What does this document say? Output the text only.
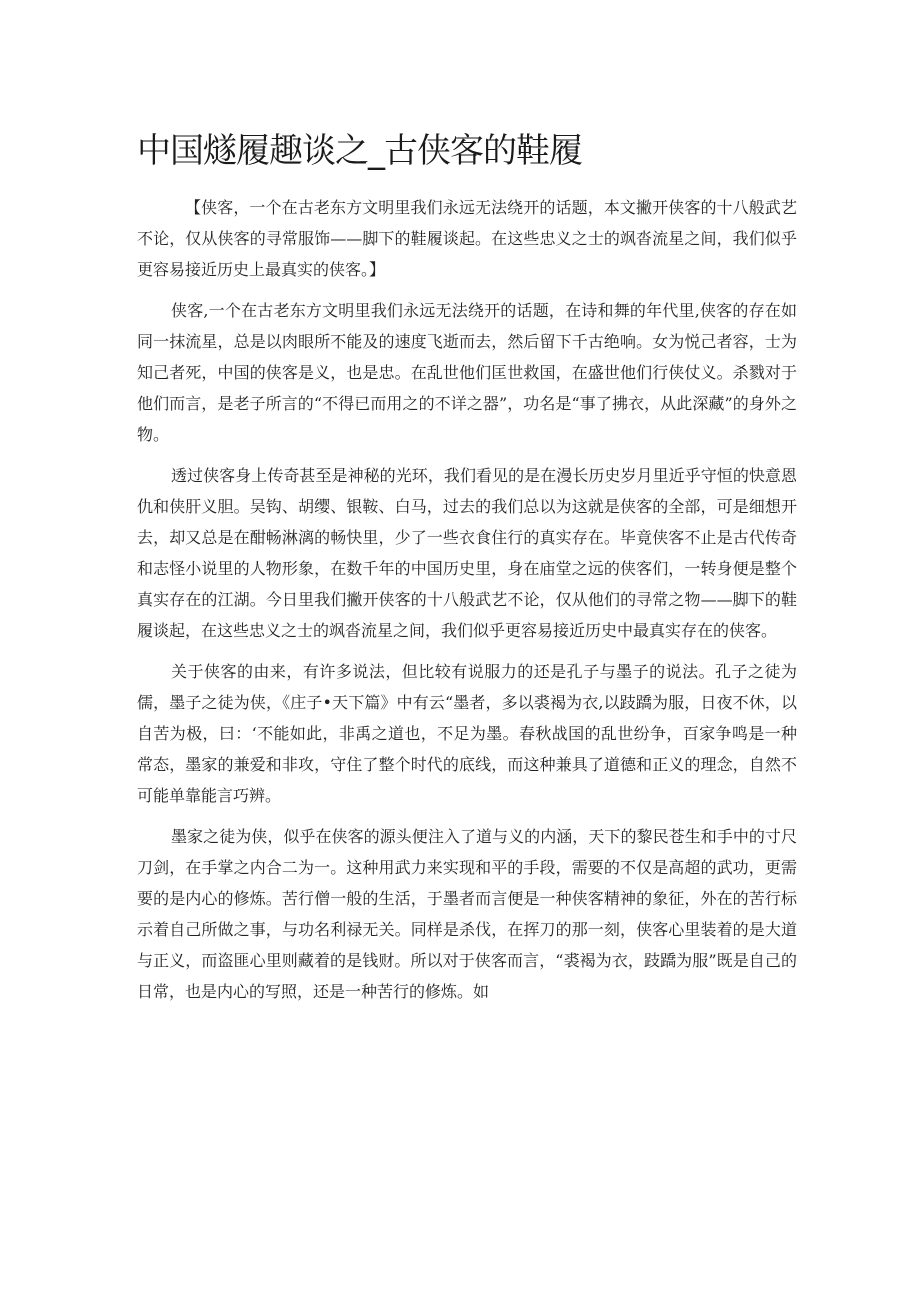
中国燧履趣谈之_古侠客的鞋履

【侠客，一个在古老东方文明里我们永远无法绕开的话题，本文撇开侠客的十八般武艺不论，仅从侠客的寻常服饰——脚下的鞋履谈起。在这些忠义之士的飒沓流星之间，我们似乎更容易接近历史上最真实的侠客。】

侠客,一个在古老东方文明里我们永远无法绕开的话题，在诗和舞的年代里,侠客的存在如同一抹流星，总是以肉眼所不能及的速度飞逝而去，然后留下千古绝响。女为悦己者容，士为知己者死，中国的侠客是义，也是忠。在乱世他们匡世救国，在盛世他们行侠仗义。杀戮对于他们而言，是老子所言的“不得已而用之的不详之器”，功名是“事了拂衣，从此深藏”的身外之物。

透过侠客身上传奇甚至是神秘的光环，我们看见的是在漫长历史岁月里近乎守恒的快意恩仇和侠肝义胆。吴钩、胡缨、银鞍、白马，过去的我们总以为这就是侠客的全部，可是细想开去，却又总是在酣畅淋漓的畅快里，少了一些衣食住行的真实存在。毕竟侠客不止是古代传奇和志怪小说里的人物形象，在数千年的中国历史里，身在庙堂之远的侠客们，一转身便是整个真实存在的江湖。今日里我们撇开侠客的十八般武艺不论，仅从他们的寻常之物——脚下的鞋履谈起，在这些忠义之士的飒沓流星之间，我们似乎更容易接近历史中最真实存在的侠客。

关于侠客的由来，有许多说法，但比较有说服力的还是孔子与墨子的说法。孔子之徒为儒，墨子之徒为侠，《庄子•天下篇》中有云“墨者，多以裘褐为衣,以跂蹻为服，日夜不休，以自苦为极，曰：‘不能如此，非禹之道也，不足为墨。春秋战国的乱世纷争，百家争鸣是一种常态，墨家的兼爱和非攻，守住了整个时代的底线，而这种兼具了道德和正义的理念，自然不可能单靠能言巧辨。

墨家之徒为侠，似乎在侠客的源头便注入了道与义的内涵，天下的黎民苍生和手中的寸尺刀剑，在手掌之内合二为一。这种用武力来实现和平的手段，需要的不仅是高超的武功，更需要的是内心的修炼。苦行僧一般的生活，于墨者而言便是一种侠客精神的象征，外在的苦行标示着自己所做之事，与功名利禄无关。同样是杀伐，在挥刀的那一刻，侠客心里装着的是大道与正义，而盗匪心里则藏着的是钱财。所以对于侠客而言，“裘褐为衣，跂蹻为服”既是自己的日常，也是内心的写照，还是一种苦行的修炼。如
